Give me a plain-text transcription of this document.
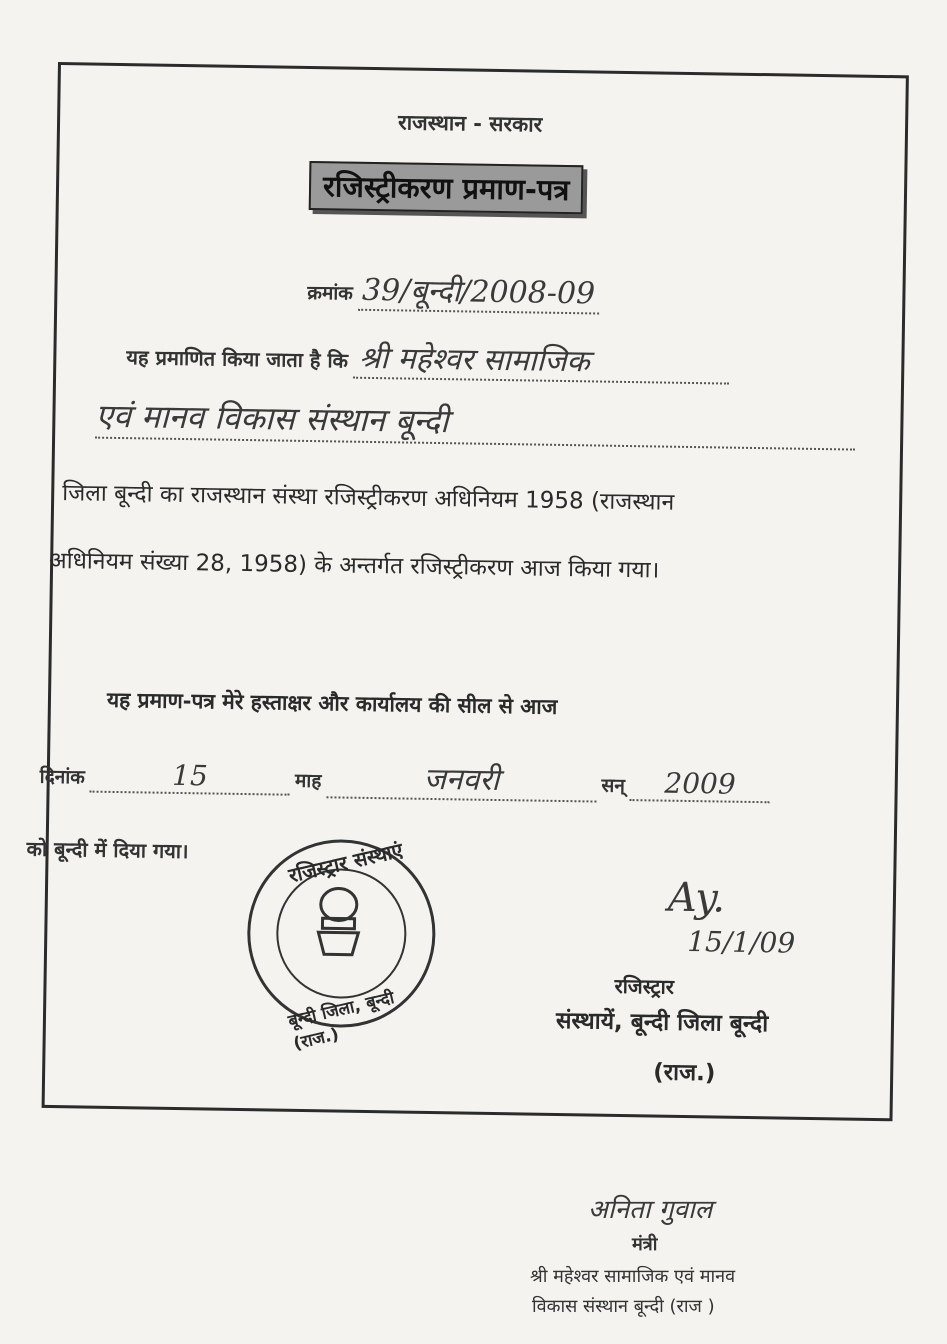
राजस्थान - सरकार
रजिस्ट्रीकरण प्रमाण-पत्र
क्रमांक 39/बून्दी/2008-09
यह प्रमाणित किया जाता है कि श्री महेश्वर सामाजिक
एवं मानव विकास संस्थान बून्दी
जिला बून्दी का राजस्थान संस्था रजिस्ट्रीकरण अधिनियम 1958 (राजस्थान
अधिनियम संख्या 28, 1958) के अन्तर्गत रजिस्ट्रीकरण आज किया गया।
यह प्रमाण-पत्र मेरे हस्ताक्षर और कार्यालय की सील से आज
दिनांक	15	माह	जनवरी	सन् 2009
को बून्दी में दिया गया।	रजिस्ट्रार संस्थाएं
बून्दी जिला, बून्दी (राज.)
Ay.
15/1/09
रजिस्ट्रार
संस्थायें, बून्दी जिला बून्दी
(राज.)
अनिता गुवाल
मंत्री
श्री महेश्वर सामाजिक एवं मानव
विकास संस्थान बून्दी (राज )
